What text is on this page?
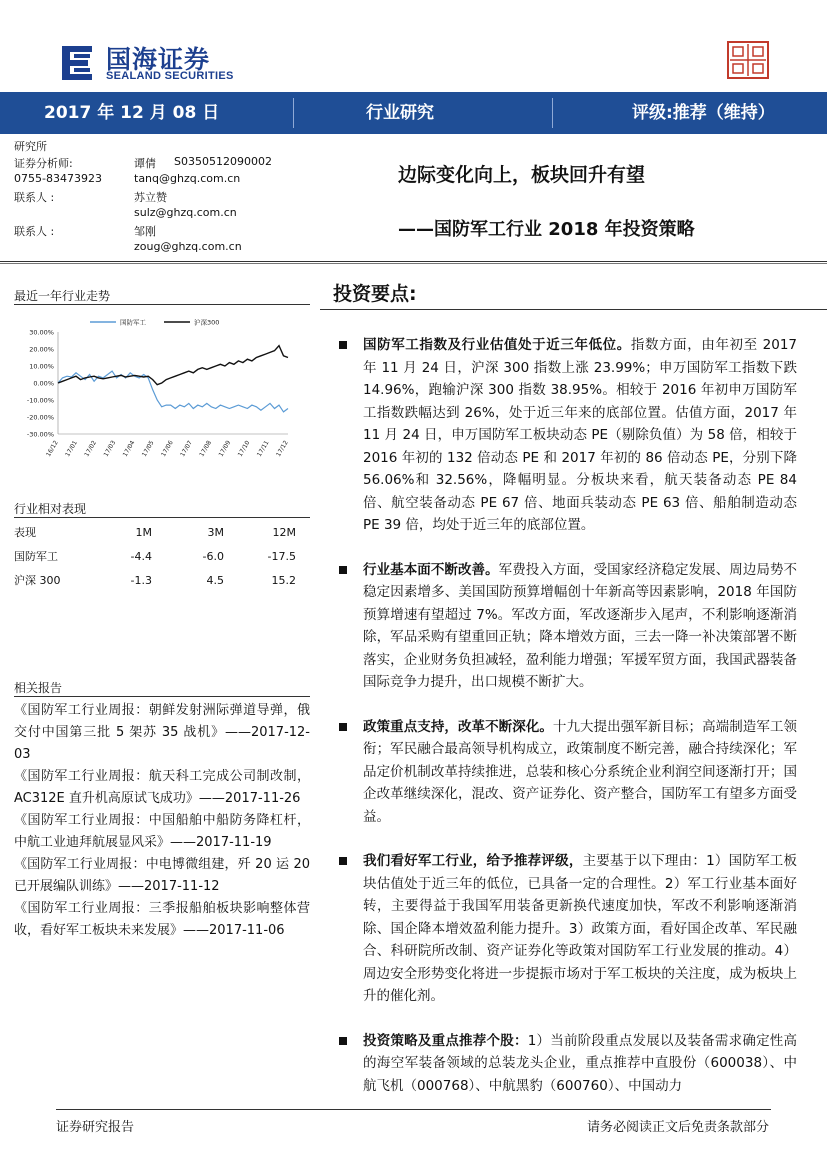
国海证券
SEALAND SECURITIES
2017 年 12 月 08 日	行业研究	评级:推荐（维持）
研究所
证券分析师:	谭倩 S0350512090002
0755-83473923	tanq@ghzq.com.cn
联系人 :	苏立赞
sulz@ghzq.com.cn
联系人 :	邹刚
zoug@ghzq.com.cn
边际变化向上，板块回升有望
——国防军工行业 2018 年投资策略
最近一年行业走势
30.00%
20.00%
10.00%
0.00%
-10.00%
-20.00%
-30.00%
16/12 17/01 17/02 17/03 17/04 17/05 17/06 17/07 17/08 17/09 17/10 17/11 17/12
国防军工	沪深300
行业相对表现
表现	1M	3M	12M
国防军工	-4.4	-6.0	-17.5
沪深 300	-1.3	4.5	15.2
相关报告
《国防军工行业周报：朝鲜发射洲际弹道导弹，俄交付中国第三批 5 架苏 35 战机》——2017-12-03
《国防军工行业周报：航天科工完成公司制改制，AC312E 直升机高原试飞成功》——2017-11-26
《国防军工行业周报：中国船舶中船防务降杠杆，中航工业迪拜航展显风采》——2017-11-19
《国防军工行业周报：中电博微组建，歼 20 运 20 已开展编队训练》——2017-11-12
《国防军工行业周报：三季报船舶板块影响整体营收，看好军工板块未来发展》——2017-11-06
投资要点:
国防军工指数及行业估值处于近三年低位。指数方面，由年初至 2017 年 11 月 24 日，沪深 300 指数上涨 23.99%；申万国防军工指数下跌 14.96%，跑输沪深 300 指数 38.95%。相较于 2016 年初申万国防军工指数跌幅达到 26%，处于近三年来的底部位置。估值方面，2017 年 11 月 24 日，申万国防军工板块动态 PE（剔除负值）为 58 倍，相较于 2016 年初的 132 倍动态 PE 和 2017 年初的 86 倍动态 PE，分别下降 56.06%和 32.56%，降幅明显。分板块来看，航天装备动态 PE 84 倍、航空装备动态 PE 67 倍、地面兵装动态 PE 63 倍、船舶制造动态 PE 39 倍，均处于近三年的底部位置。
行业基本面不断改善。军费投入方面，受国家经济稳定发展、周边局势不稳定因素增多、美国国防预算增幅创十年新高等因素影响，2018 年国防预算增速有望超过 7%。军改方面，军改逐渐步入尾声，不利影响逐渐消除，军品采购有望重回正轨；降本增效方面，三去一降一补决策部署不断落实，企业财务负担减轻，盈利能力增强；军援军贸方面，我国武器装备国际竞争力提升，出口规模不断扩大。
政策重点支持，改革不断深化。十九大提出强军新目标；高端制造军工领衔；军民融合最高领导机构成立，政策制度不断完善，融合持续深化；军品定价机制改革持续推进，总装和核心分系统企业利润空间逐渐打开；国企改革继续深化，混改、资产证券化、资产整合，国防军工有望多方面受益。
我们看好军工行业，给予推荐评级，主要基于以下理由：1）国防军工板块估值处于近三年的低位，已具备一定的合理性。2）军工行业基本面好转，主要得益于我国军用装备更新换代速度加快，军改不利影响逐渐消除、国企降本增效盈利能力提升。3）政策方面，看好国企改革、军民融合、科研院所改制、资产证券化等政策对国防军工行业发展的推动。4）周边安全形势变化将进一步提振市场对于军工板块的关注度，成为板块上升的催化剂。
投资策略及重点推荐个股：1）当前阶段重点发展以及装备需求确定性高的海空军装备领域的总装龙头企业，重点推荐中直股份（600038）、中航飞机（000768）、中航黑豹（600760）、中国动力
证券研究报告	请务必阅读正文后免责条款部分
